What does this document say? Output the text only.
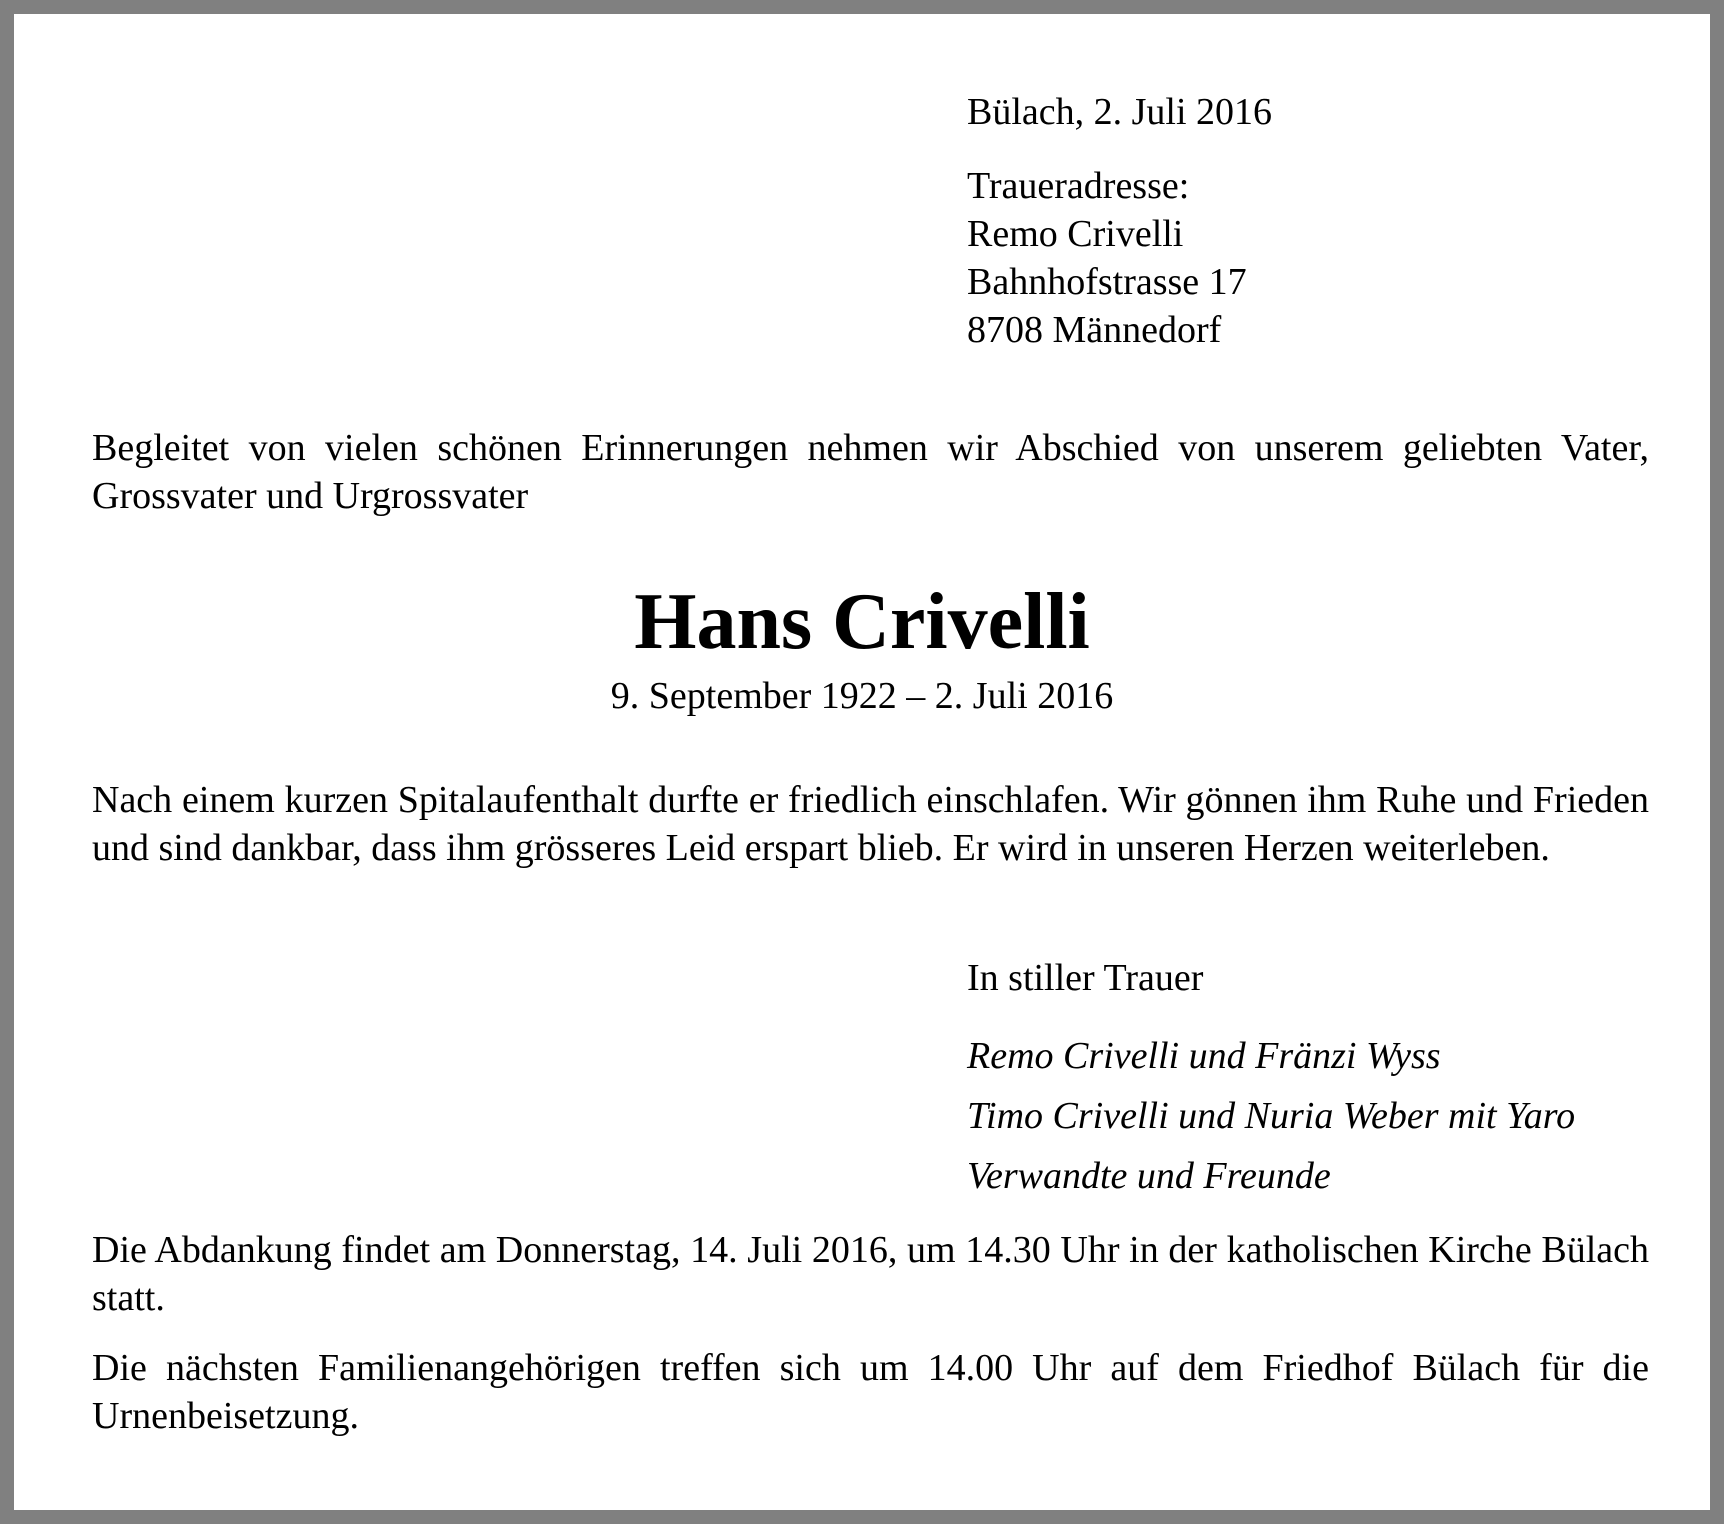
Bülach, 2. Juli 2016

Traueradresse:
Remo Crivelli
Bahnhofstrasse 17
8708 Männedorf

Begleitet von vielen schönen Erinnerungen nehmen wir Abschied von unserem geliebten Vater, Grossvater und Urgrossvater

Hans Crivelli

9. September 1922 – 2. Juli 2016

Nach einem kurzen Spitalaufenthalt durfte er friedlich einschlafen. Wir gönnen ihm Ruhe und Frieden und sind dankbar, dass ihm grösseres Leid erspart blieb. Er wird in unseren Herzen weiterleben.

In stiller Trauer

Remo Crivelli und Fränzi Wyss
Timo Crivelli und Nuria Weber mit Yaro
Verwandte und Freunde

Die Abdankung findet am Donnerstag, 14. Juli 2016, um 14.30 Uhr in der katholischen Kirche Bülach statt.

Die nächsten Familienangehörigen treffen sich um 14.00 Uhr auf dem Friedhof Bülach für die Urnenbeisetzung.
